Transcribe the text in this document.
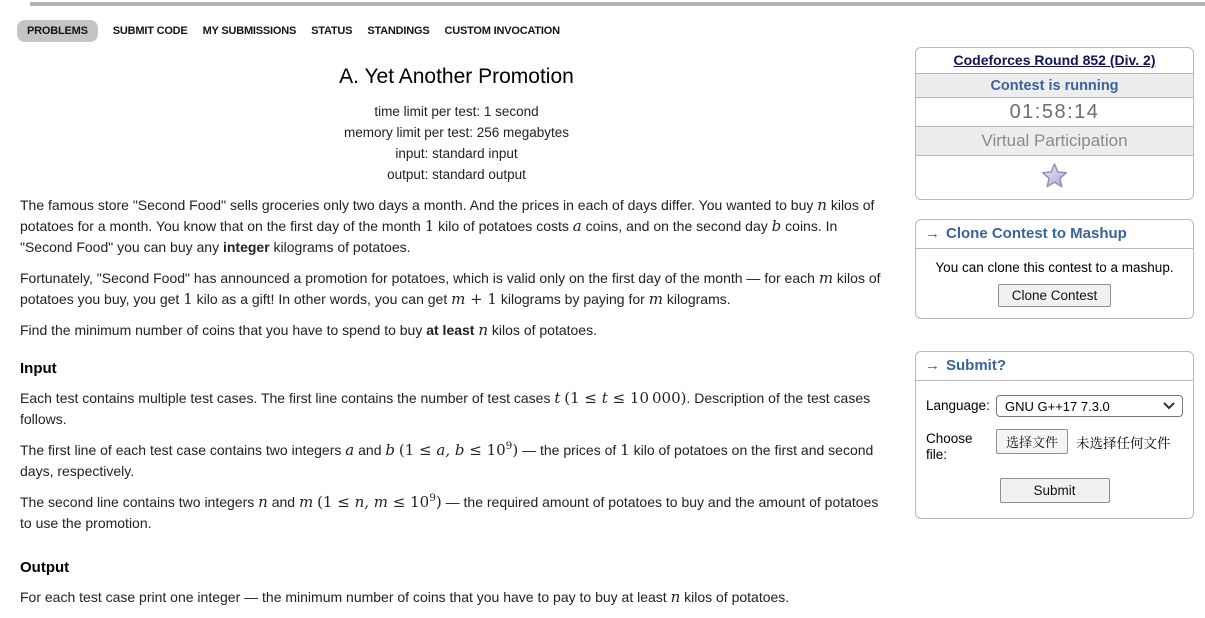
PROBLEMS	SUBMIT CODE MY SUBMISSIONS STATUS STANDINGS CUSTOM INVOCATION
A. Yet Another Promotion
time limit per test: 1 second
memory limit per test: 256 megabytes
input: standard input
output: standard output

The famous store "Second Food" sells groceries only two days a month. And the prices in each of days differ. You wanted to buy n kilos of potatoes for a month. You know that on the first day of the month 1 kilo of potatoes costs a coins, and on the second day b coins. In "Second Food" you can buy any integer kilograms of potatoes.

Fortunately, "Second Food" has announced a promotion for potatoes, which is valid only on the first day of the month — for each m kilos of potatoes you buy, you get 1 kilo as a gift! In other words, you can get m + 1 kilograms by paying for m kilograms.

Find the minimum number of coins that you have to spend to buy at least n kilos of potatoes.

Input

Each test contains multiple test cases. The first line contains the number of test cases t (1 ≤ t ≤ 10 000). Description of the test cases follows.

The first line of each test case contains two integers a and b (1 ≤ a, $b \le 10^9$) — the prices of 1 kilo of potatoes on the first and second days, respectively.

The second line contains two integers n and m (1 ≤ n, $m \le 10^9$) — the required amount of potatoes to buy and the amount of potatoes to use the promotion.

Output

For each test case print one integer — the minimum number of coins that you have to pay to buy at least n kilos of potatoes.

Codeforces Round 852 (Div. 2)
Contest is running
01:58:14
Virtual Participation
→ Clone Contest to Mashup
You can clone this contest to a mashup.
Clone Contest
→ Submit?
Language:	GNU G++17 7.3.0
Choose file:
选择文件	未选择任何文件
Submit
